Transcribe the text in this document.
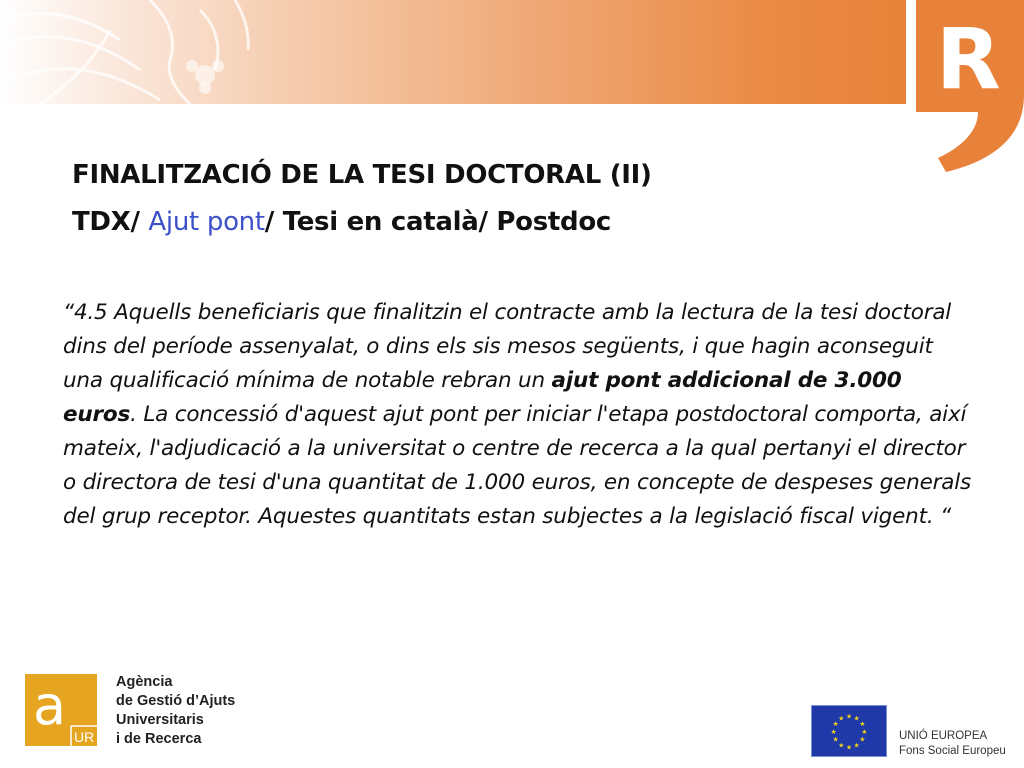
R
FINALITZACIÓ DE LA TESI DOCTORAL (II)
TDX/ Ajut pont/ Tesi en català/ Postdoc
“4.5 Aquells beneficiaris que finalitzin el contracte amb la lectura de la tesi doctoral dins del període assenyalat, o dins els sis mesos següents, i que hagin aconseguit una qualificació mínima de notable rebran un ajut pont addicional de 3.000 euros. La concessió d'aquest ajut pont per iniciar l'etapa postdoctoral comporta, així mateix, l'adjudicació a la universitat o centre de recerca a la qual pertanyi el director o directora de tesi d'una quantitat de 1.000 euros, en concepte de despeses generals del grup receptor. Aquestes quantitats estan subjectes a la legislació fiscal vigent. “
a UR
Agència
de Gestió d’Ajuts
Universitaris
i de Recerca
★ ★
★
★
★
★
★
★
★
★
★
★
UNIÓ EUROPEA
Fons Social Europeu
